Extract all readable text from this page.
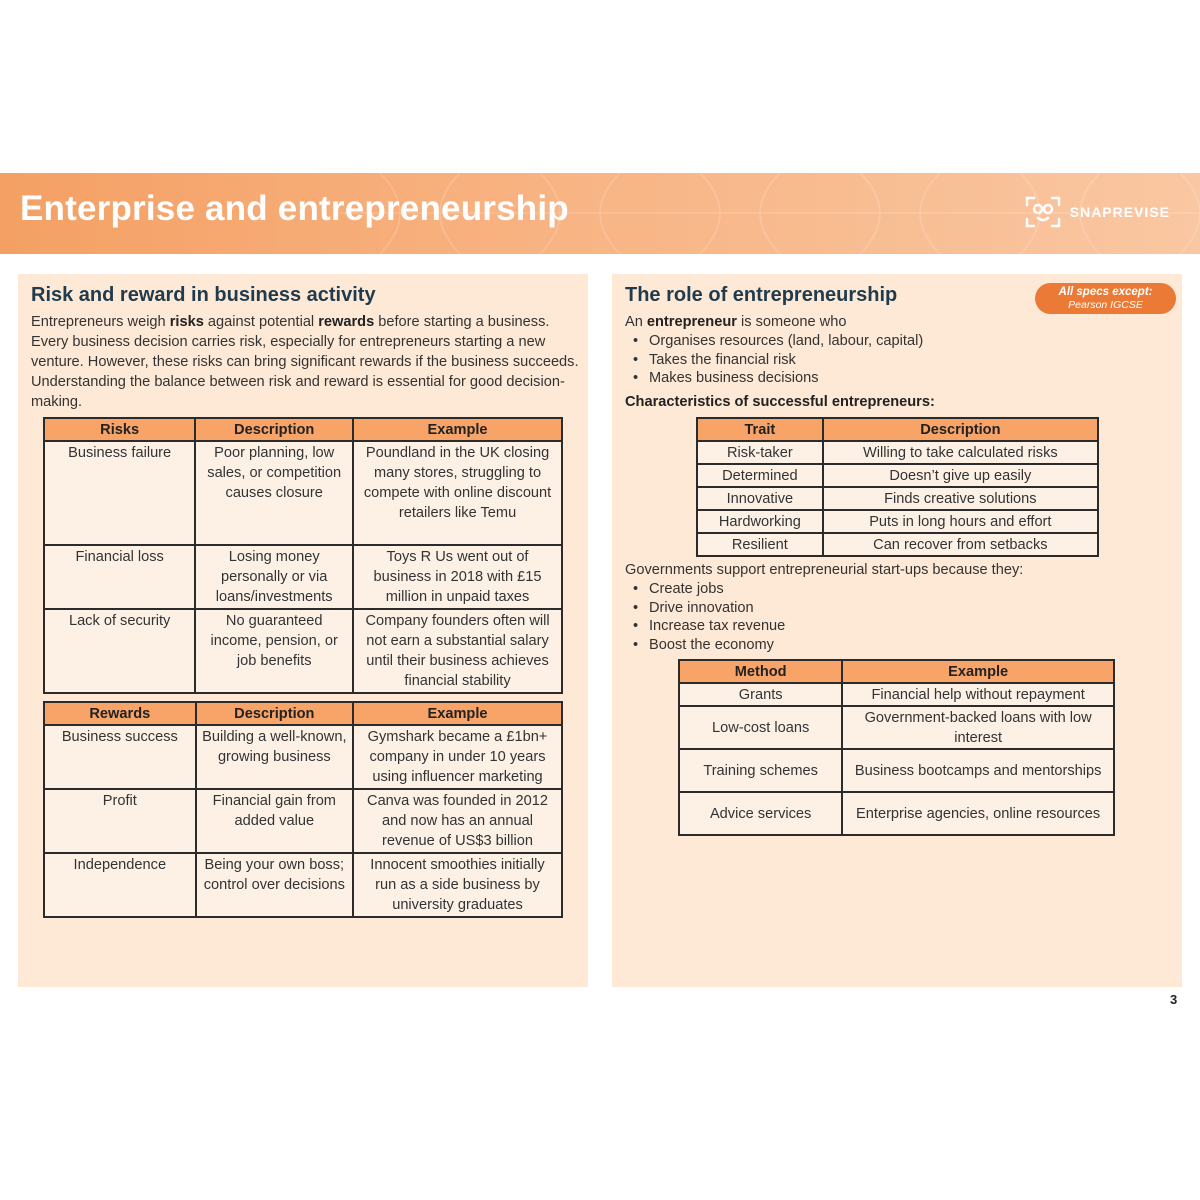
Enterprise and entrepreneurship	SNAPREVISE
Risk and reward in business activity

Entrepreneurs weigh risks against potential rewards before starting a business. Every business decision carries risk, especially for entrepreneurs starting a new venture. However, these risks can bring significant rewards if the business succeeds. Understanding the balance between risk and reward is essential for good decision-making.

Risks	Description	Example
Business failure	Poor planning, low sales, or competition causes closure	Poundland in the UK closing many stores, struggling to compete with online discount retailers like Temu
Financial loss	Losing money personally or via loans/investments	Toys R Us went out of business in 2018 with £15 million in unpaid taxes
Lack of security	No guaranteed income, pension, or job benefits	Company founders often will not earn a substantial salary until their business achieves financial stability
Rewards	Description	Example
Business success	Building a well-known, growing business	Gymshark became a £1bn+ company in under 10 years using influencer marketing
Profit	Financial gain from added value	Canva was founded in 2012 and now has an annual revenue of US$3 billion
Independence	Being your own boss; control over decisions	Innocent smoothies initially run as a side business by university graduates
The role of entrepreneurship	All specs except:
Pearson IGCSE

An entrepreneur is someone who

• Organises resources (land, labour, capital)
• Takes the financial risk
• Makes business decisions
Characteristics of successful entrepreneurs:
Trait	Description
Risk-taker	Willing to take calculated risks
Determined	Doesn’t give up easily
Innovative	Finds creative solutions
Hardworking	Puts in long hours and effort
Resilient	Can recover from setbacks

Governments support entrepreneurial start-ups because they:

• Create jobs
• Drive innovation
• Increase tax revenue
• Boost the economy
Method	Example
Grants	Financial help without repayment
Low-cost loans	Government-backed loans with low interest
Training schemes	Business bootcamps and mentorships
Advice services	Enterprise agencies, online resources
3
